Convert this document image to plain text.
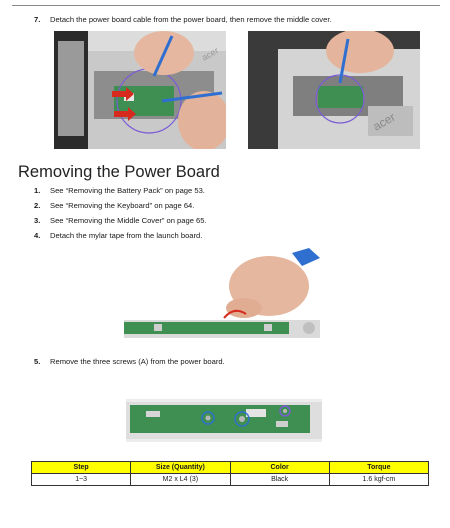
7. Detach the power board cable from the power board, then remove the middle cover.
acer
acer
Removing the Power Board
1. See “Removing the Battery Pack” on page 53.
2. See “Removing the Keyboard” on page 64.
3. See “Removing the Middle Cover” on page 65.
4. Detach the mylar tape from the launch board.
5. Remove the three screws (A) from the power board.
Step	Size (Quantity)	Color	Torque
1~3	M2 x L4 (3)	Black	1.6 kgf-cm
